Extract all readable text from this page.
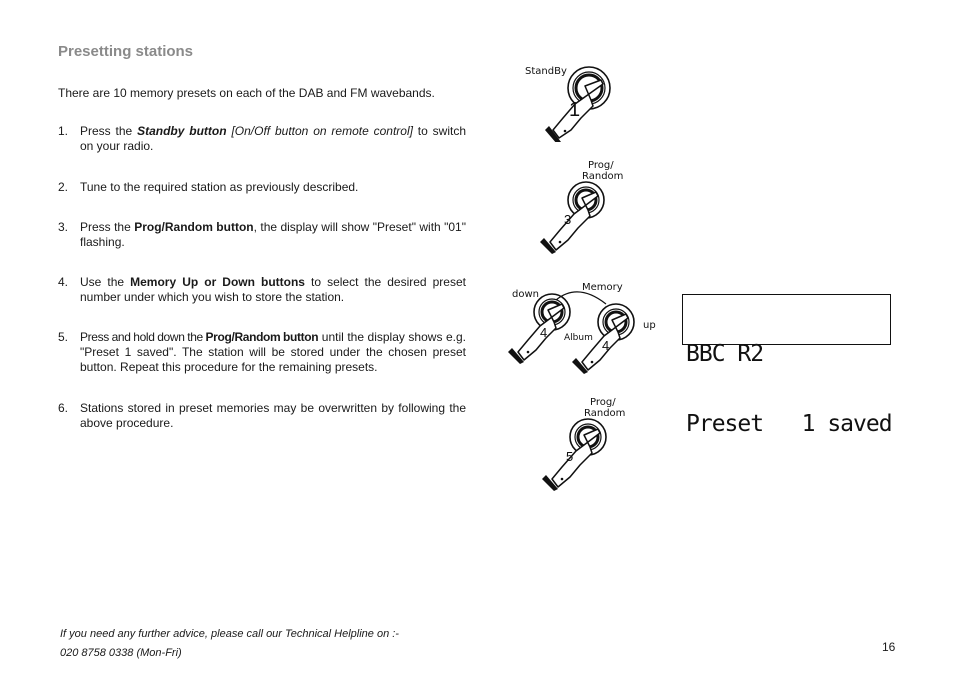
Presetting stations

There are 10 memory presets on each of the DAB and FM wavebands.

1. Press the Standby button [On/Off button on remote control] to switch on your radio.
2. Tune to the required station as previously described.
3. Press the Prog/Random button, the display will show "Preset" with "01" flashing.
4. Use the Memory Up or Down buttons to select the desired preset number under which you wish to store the station.
5. Press and hold down the Prog/Random button until the display shows e.g. "Preset 1 saved". The station will be stored under the chosen preset button. Repeat this procedure for the remaining presets.
6. Stations stored in preset memories may be overwritten by following the above procedure.
StandBy
1
Prog/
Random
3
Memory
down
up
Album
4
4

	BBC R2

Preset   1 saved

Prog/
Random
5
If you need any further advice, please call our Technical Helpline on :-
020 8758 0338 (Mon-Fri)	16
